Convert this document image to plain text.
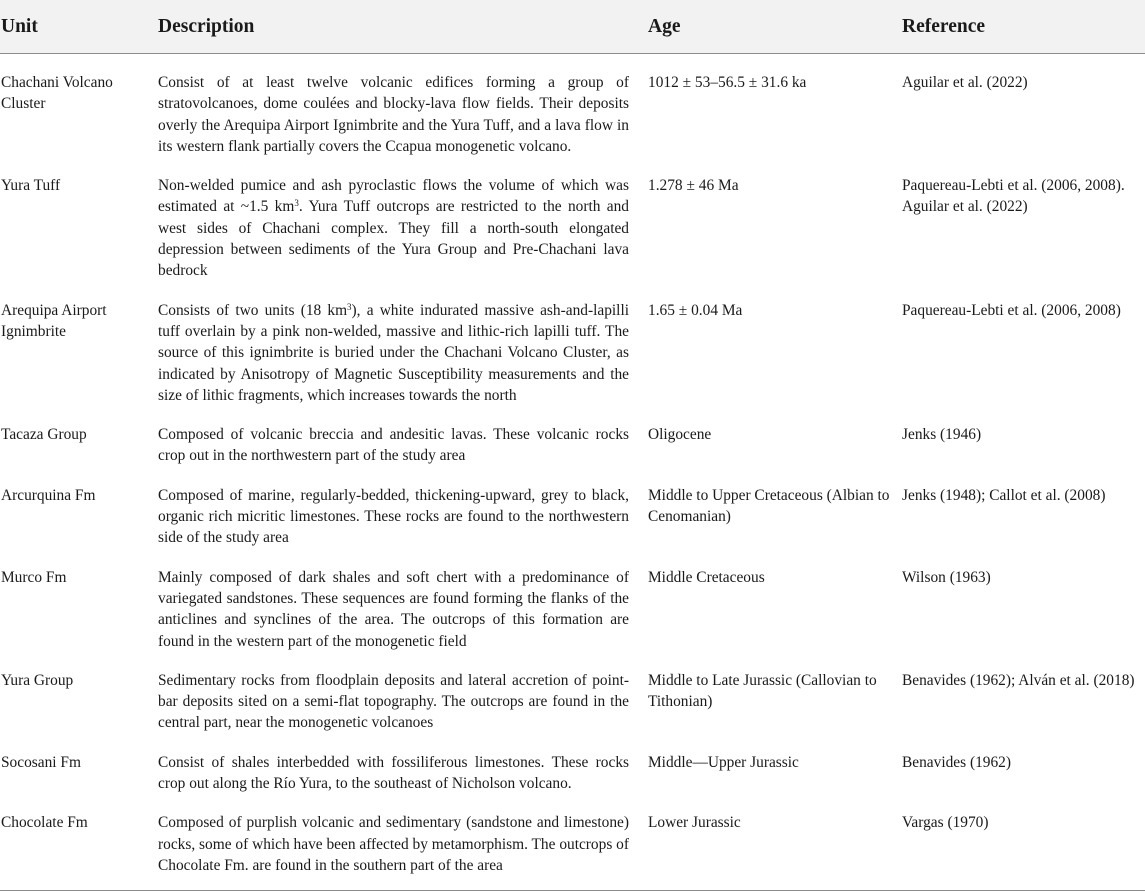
Unit	Description	Age	Reference
Chachani Volcano Cluster	Consist of at least twelve volcanic edifices forming a group of stratovolcanoes, dome coulées and blocky-lava flow fields. Their deposits overly the Arequipa Airport Ignimbrite and the Yura Tuff, and a lava flow in its western flank partially covers the Ccapua monogenetic volcano.	1012 ± 53–56.5 ± 31.6 ka	Aguilar et al. (2022)
Yura Tuff	Non-welded pumice and ash pyroclastic flows the volume of which was estimated at ~1.5 $km^3$. Yura Tuff outcrops are restricted to the north and west sides of Chachani complex. They fill a north-south elongated depression between sediments of the Yura Group and Pre-Chachani lava bedrock	1.278 ± 46 Ma	Paquereau-Lebti et al. (2006, 2008). Aguilar et al. (2022)
Arequipa Airport Ignimbrite	Consists of two units (18 $km^3$), a white indurated massive ash-and-lapilli tuff overlain by a pink non-welded, massive and lithic-rich lapilli tuff. The source of this ignimbrite is buried under the Chachani Volcano Cluster, as indicated by Anisotropy of Magnetic Susceptibility measurements and the size of lithic fragments, which increases towards the north	1.65 ± 0.04 Ma	Paquereau-Lebti et al. (2006, 2008)
Tacaza Group	Composed of volcanic breccia and andesitic lavas. These volcanic rocks crop out in the northwestern part of the study area	Oligocene	Jenks (1946)
Arcurquina Fm	Composed of marine, regularly-bedded, thickening-upward, grey to black, organic rich micritic limestones. These rocks are found to the northwestern side of the study area	Middle to Upper Cretaceous (Albian to Cenomanian)	Jenks (1948); Callot et al. (2008)
Murco Fm	Mainly composed of dark shales and soft chert with a predominance of variegated sandstones. These sequences are found forming the flanks of the anticlines and synclines of the area. The outcrops of this formation are found in the western part of the monogenetic field	Middle Cretaceous	Wilson (1963)
Yura Group	Sedimentary rocks from floodplain deposits and lateral accretion of point-bar deposits sited on a semi-flat topography. The outcrops are found in the central part, near the monogenetic volcanoes	Middle to Late Jurassic (Callovian to Tithonian)	Benavides (1962); Alván et al. (2018)
Socosani Fm	Consist of shales interbedded with fossiliferous limestones. These rocks crop out along the Río Yura, to the southeast of Nicholson volcano.	Middle—Upper Jurassic	Benavides (1962)
Chocolate Fm	Composed of purplish volcanic and sedimentary (sandstone and limestone) rocks, some of which have been affected by metamorphism. The outcrops of Chocolate Fm. are found in the southern part of the area	Lower Jurassic	Vargas (1970)
